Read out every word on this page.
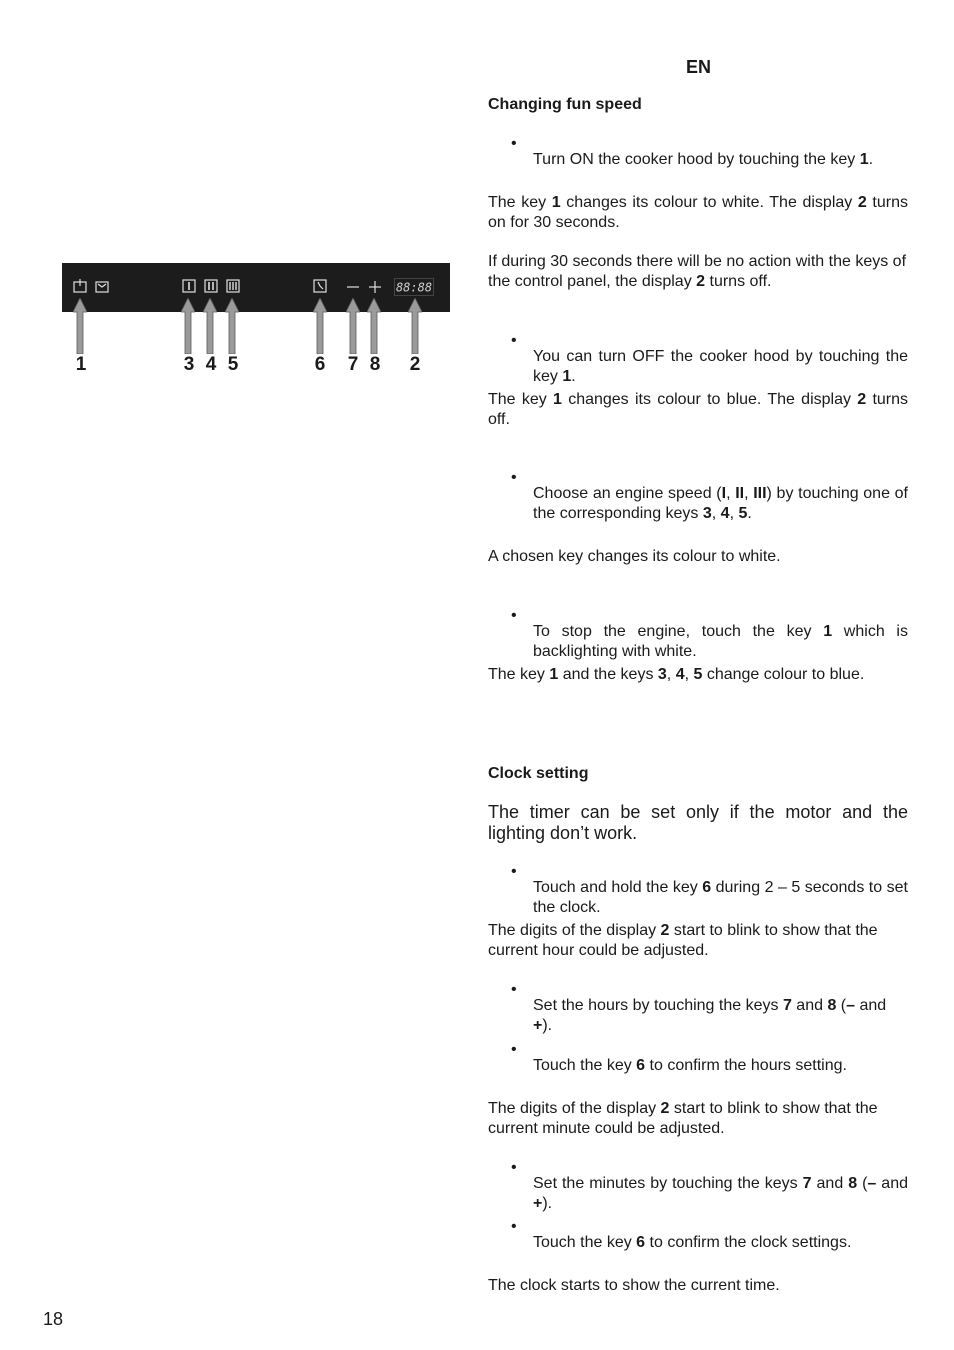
EN
88:88
1	3 4 5	6	7 8	2
Changing fun speed
•

Turn ON the cooker hood by touching the key 1.

The key 1 changes its colour to white. The display 2 turns on for 30 seconds.

If during 30 seconds there will be no action with the keys of the control panel, the display 2 turns off.

•

You can turn OFF the cooker hood by touching the key 1.

The key 1 changes its colour to blue. The display 2 turns off.

•

Choose an engine speed (I, II, III) by touching one of the corresponding keys 3, 4, 5.

A chosen key changes its colour to white.
•

To stop the engine, touch the key 1 which is backlighting with white.

The key 1 and the keys 3, 4, 5 change colour to blue.

Clock setting
The timer can be set only if the motor and the lighting don’t work.
•

Touch and hold the key 6 during 2 – 5 seconds to set the clock.

The digits of the display 2 start to blink to show that the current hour could be adjusted.

•

Set the hours by touching the keys 7 and 8 (– and +).

•

Touch the key 6 to confirm the hours setting.

The digits of the display 2 start to blink to show that the current minute could be adjusted.

•

Set the minutes by touching the keys 7 and 8 (– and +).

•

Touch the key 6 to confirm the clock settings.

The clock starts to show the current time.
18
